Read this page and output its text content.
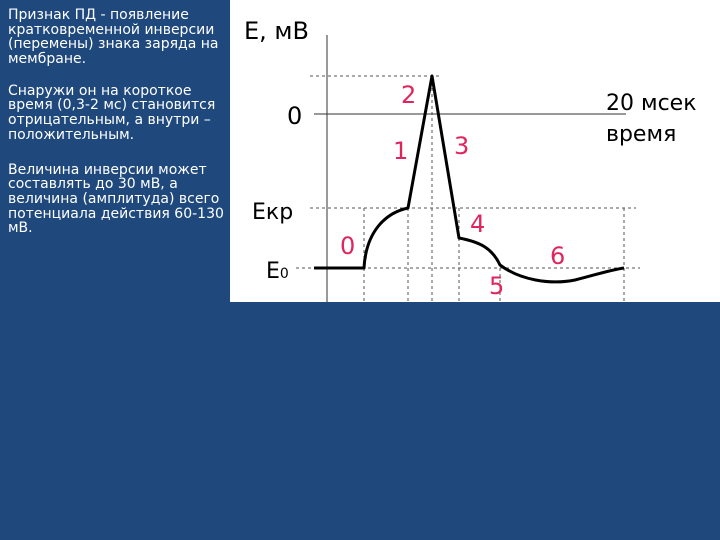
Признак ПД - появление кратковременной инверсии (перемены) знака заряда на мембране.

Снаружи он на короткое время (0,3-2 мс) становится отрицательным, а внутри – положительным.

Величина инверсии может составлять до 30 мВ, а величина (амплитуда) всего потенциала действия 60-130 мВ.

Е, мВ
20 мсек
время
0
Екр
Е0
0
1
2
3
4
5
6
